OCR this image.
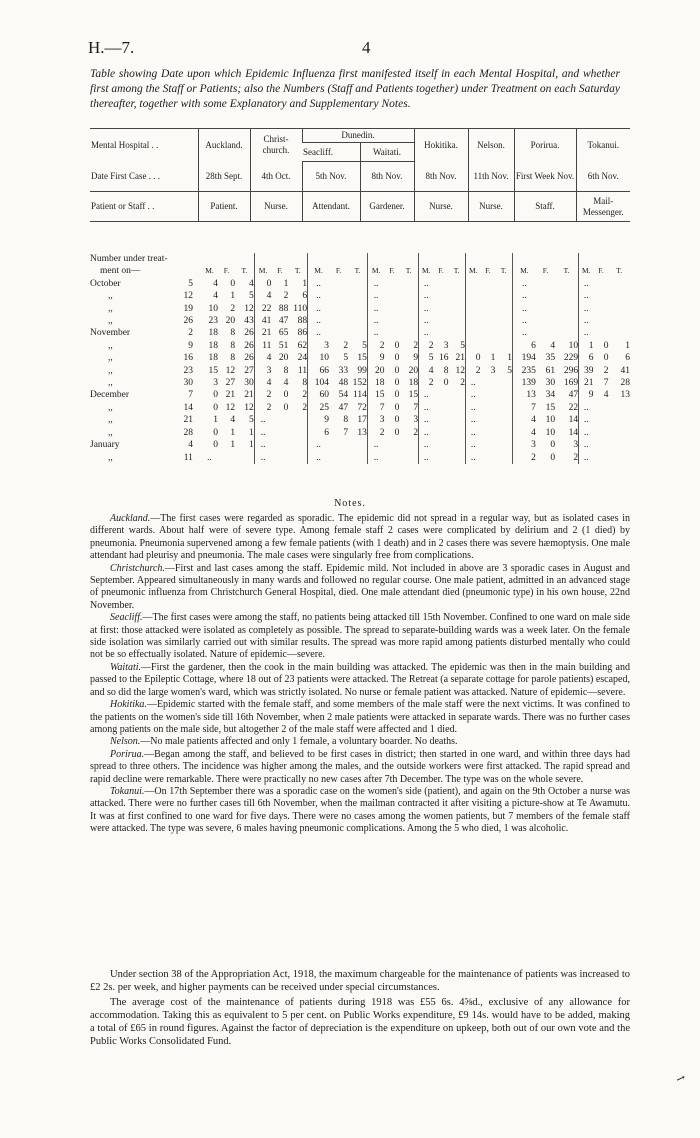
H.—7.	4
Table showing Date upon which Epidemic Influenza first manifested itself in each Mental Hospital, and whether first among the Staff or Patients; also the Numbers (Staff and Patients together) under Treatment on each Saturday thereafter, together with some Explanatory and Supplementary Notes.
Mental Hospital . .	Auckland.	Christ-church.	Dunedin.		Hokitika.	Nelson.	Porirua.	Tokanui.
			Seacliff.	Waitati.				
Date First Case . . .	28th Sept.	4th Oct.	5th Nov.	8th Nov.	8th Nov.	11th Nov.	First Week Nov.	6th Nov.
Patient or Staff . .	Patient.	Nurse.	Attendant.	Gardener.	Nurse.	Nurse.	Staff.	Mail-Messenger.
Number under treat-																									
ment on—		M.	F.	T.	M.	F.	T.	M.	F.	T.	M.	F.	T.	M.	F.	T.	M.	F.	T.	M.	F.	T.	M.	F.	T.
October	5	4	0	4	0	1	1	..			..			..						..			..		
,,	12	4	1	5	4	2	6	..			..			..						..			..		
,,	19	10	2	12	22	88	110	..			..			..						..			..		
,,	26	23	20	43	41	47	88	..			..			..						..			..		
November	2	18	8	26	21	65	86	..			..			..						..			..		
,,	9	18	8	26	11	51	62	3	2	5	2	0	2	2	3	5				6	4	10	1	0	1
,,	16	18	8	26	4	20	24	10	5	15	9	0	9	5	16	21	0	1	1	194	35	229	6	0	6
,,	23	15	12	27	3	8	11	66	33	99	20	0	20	4	8	12	2	3	5	235	61	296	39	2	41
,,	30	3	27	30	4	4	8	104	48	152	18	0	18	2	0	2	..			139	30	169	21	7	28
December	7	0	21	21	2	0	2	60	54	114	15	0	15	..			..			13	34	47	9	4	13
,,	14	0	12	12	2	0	2	25	47	72	7	0	7	..			..			7	15	22	..		
,,	21	1	4	5	..			9	8	17	3	0	3	..			..			4	10	14	..		
,,	28	0	1	1	..			6	7	13	2	0	2	..			..			4	10	14	..		
January	4	0	1	1	..			..			..			..			..			3	0	3	..		
,,	11	..			..			..			..			..			..			2	0	2	..		
Notes.

Auckland.—The first cases were regarded as sporadic. The epidemic did not spread in a regular way, but as isolated cases in different wards. About half were of severe type. Among female staff 2 cases were complicated by delirium and 2 (1 died) by pneumonia. Pneumonia supervened among a few female patients (with 1 death) and in 2 cases there was severe hæmoptysis. One male attendant had pleurisy and pneumonia. The male cases were singularly free from complications.

Christchurch.—First and last cases among the staff. Epidemic mild. Not included in above are 3 sporadic cases in August and September. Appeared simultaneously in many wards and followed no regular course. One male patient, admitted in an advanced stage of pneumonic influenza from Christchurch General Hospital, died. One male attendant died (pneumonic type) in his own house, 22nd November.

Seacliff.—The first cases were among the staff, no patients being attacked till 15th November. Confined to one ward on male side at first: those attacked were isolated as completely as possible. The spread to separate-building wards was a week later. On the female side isolation was similarly carried out with similar results. The spread was more rapid among patients disturbed mentally who could not be so effectually isolated. Nature of epidemic—severe.

Waitati.—First the gardener, then the cook in the main building was attacked. The epidemic was then in the main building and passed to the Epileptic Cottage, where 18 out of 23 patients were attacked. The Retreat (a separate cottage for parole patients) escaped, and so did the large women's ward, which was strictly isolated. No nurse or female patient was attacked. Nature of epidemic—severe.

Hokitika.—Epidemic started with the female staff, and some members of the male staff were the next victims. It was confined to the patients on the women's side till 16th November, when 2 male patients were attacked in separate wards. There was no further cases among patients on the male side, but altogether 2 of the male staff were affected and 1 died.

Nelson.—No male patients affected and only 1 female, a voluntary boarder. No deaths.

Porirua.—Began among the staff, and believed to be first cases in district; then started in one ward, and within three days had spread to three others. The incidence was higher among the males, and the outside workers were first attacked. The rapid spread and rapid decline were remarkable. There were practically no new cases after 7th December. The type was on the whole severe.

Tokanui.—On 17th September there was a sporadic case on the women's side (patient), and again on the 9th October a nurse was attacked. There were no further cases till 6th November, when the mailman contracted it after visiting a picture-show at Te Awamutu. It was at first confined to one ward for five days. There were no cases among the women patients, but 7 members of the female staff were attacked. The type was severe, 6 males having pneumonic complications. Among the 5 who died, 1 was alcoholic.

Under section 38 of the Appropriation Act, 1918, the maximum chargeable for the maintenance of patients was increased to £2 2s. per week, and higher payments can be received under special circumstances.

The average cost of the maintenance of patients during 1918 was £55 6s. 4⅝d., exclusive of any allowance for accommodation. Taking this as equivalent to 5 per cent. on Public Works expenditure, £9 14s. would have to be added, making a total of £65 in round figures. Against the factor of depreciation is the expenditure on upkeep, both out of our own vote and the Public Works Consolidated Fund.

↗
